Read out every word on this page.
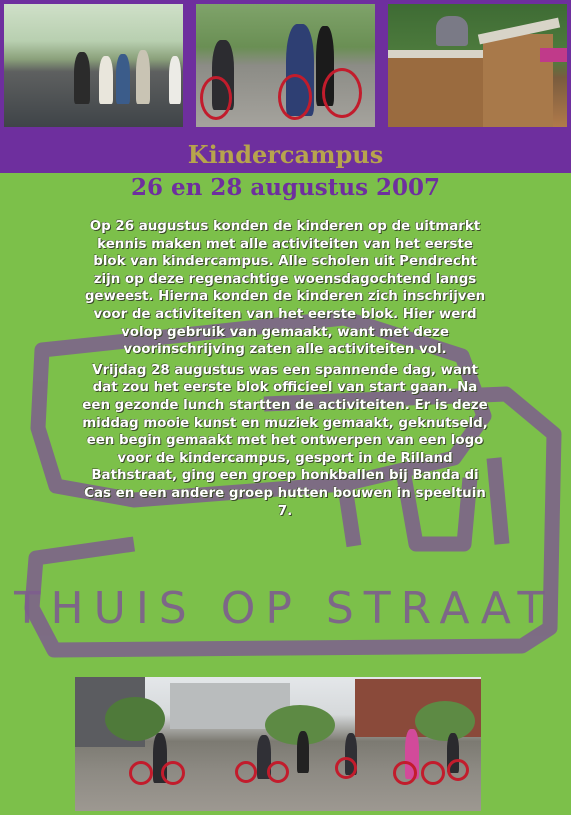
Kindercampus
26 en 28 augustus 2007
THUIS OP STRAAT

Op 26 augustus konden de kinderen op de uitmarkt kennis maken met alle activiteiten van het eerste blok van kindercampus. Alle scholen uit Pendrecht zijn op deze regenachtige woensdagochtend langs geweest. Hierna konden de kinderen zich inschrijven voor de activiteiten van het eerste blok. Hier werd volop gebruik van gemaakt, want met deze voorinschrijving zaten alle activiteiten vol.

Vrijdag 28 augustus was een spannende dag, want dat zou het eerste blok officieel van start gaan. Na een gezonde lunch startten de activiteiten. Er is deze middag mooie kunst en muziek gemaakt, geknutseld, een begin gemaakt met het ontwerpen van een logo voor de kindercampus, gesport in de Rilland Bathstraat, ging een groep honkballen bij Banda di Cas en een andere groep hutten bouwen in speeltuin 7.
